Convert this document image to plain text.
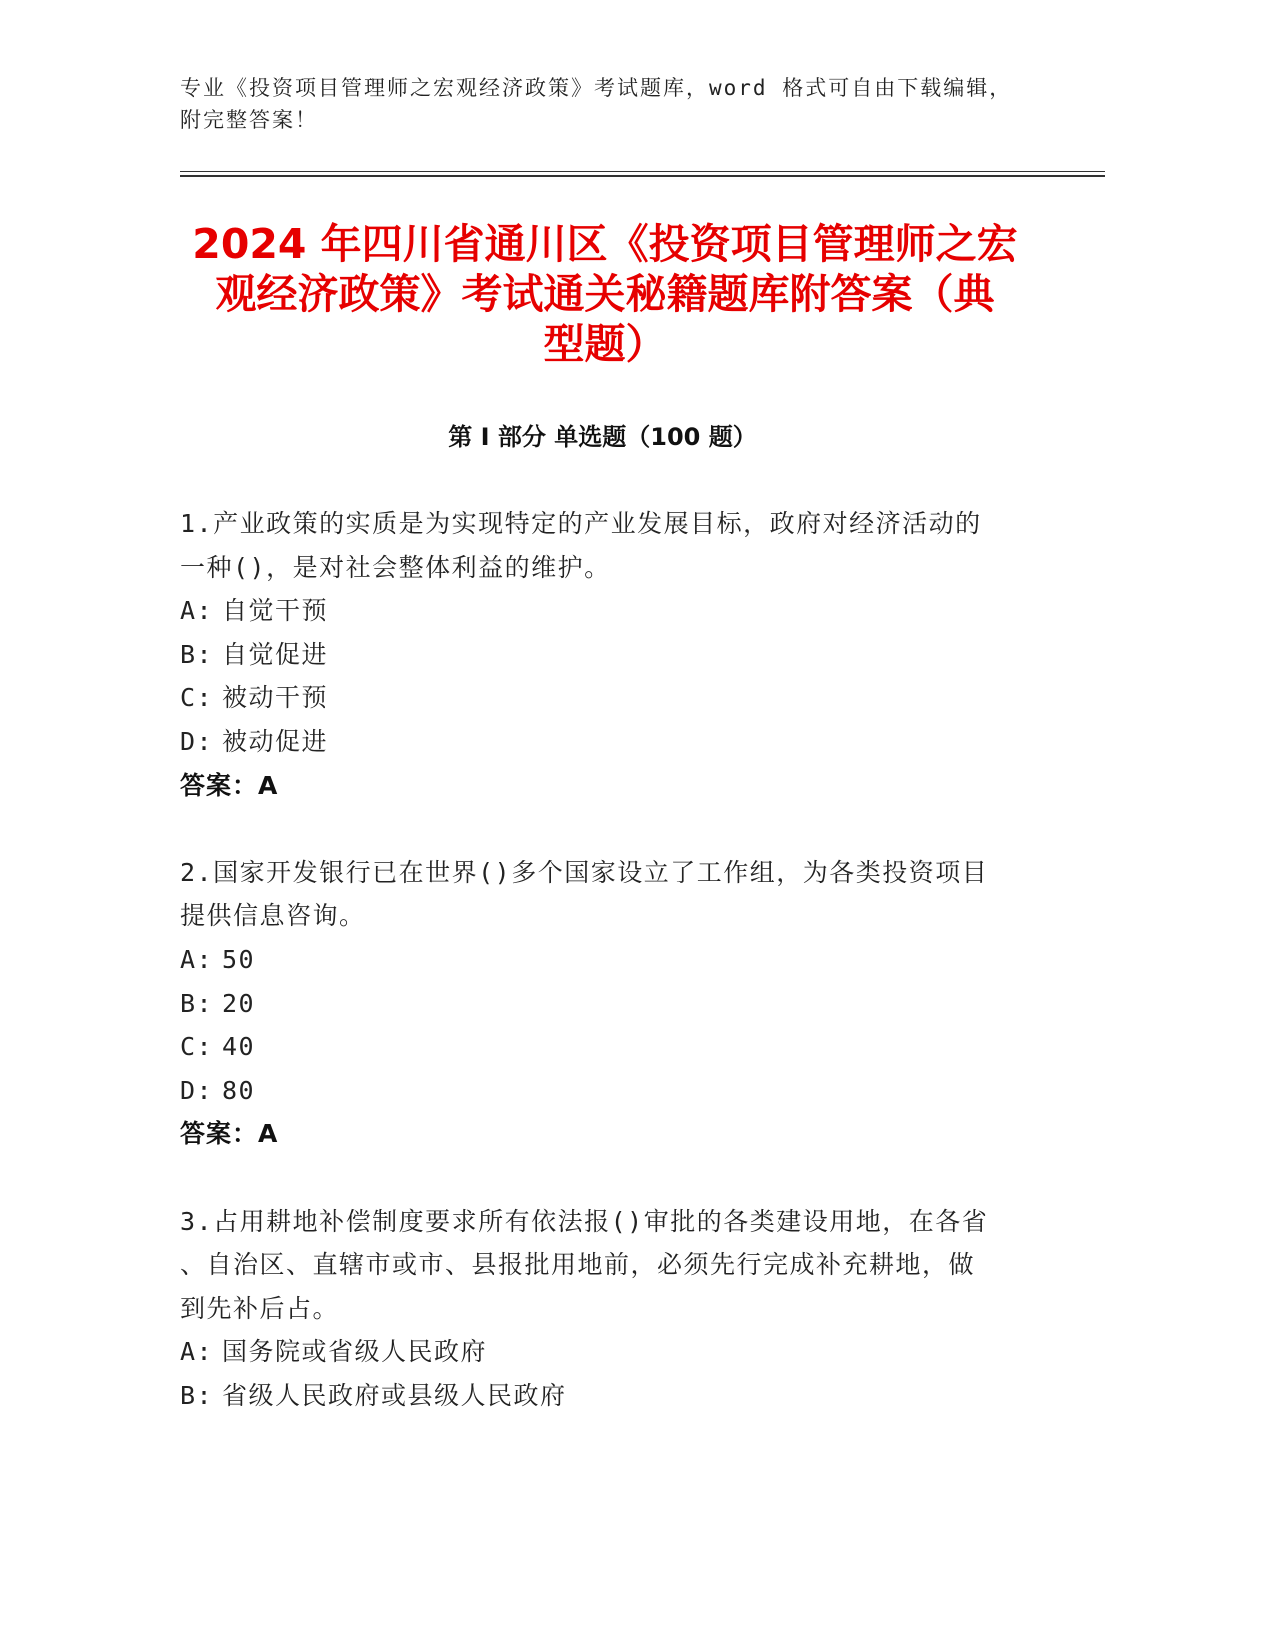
专业《投资项目管理师之宏观经济政策》考试题库，word 格式可自由下载编辑，
附完整答案！
2024 年四川省通川区《投资项目管理师之宏
观经济政策》考试通关秘籍题库附答案（典
型题）
第 I 部分 单选题（100 题）
1.产业政策的实质是为实现特定的产业发展目标，政府对经济活动的
一种()，是对社会整体利益的维护。
A: 自觉干预
B: 自觉促进
C: 被动干预
D: 被动促进
答案：A
2.国家开发银行已在世界()多个国家设立了工作组，为各类投资项目
提供信息咨询。
A: 50
B: 20
C: 40
D: 80
答案：A
3.占用耕地补偿制度要求所有依法报()审批的各类建设用地，在各省
、自治区、直辖市或市、县报批用地前，必须先行完成补充耕地，做
到先补后占。
A: 国务院或省级人民政府
B: 省级人民政府或县级人民政府
